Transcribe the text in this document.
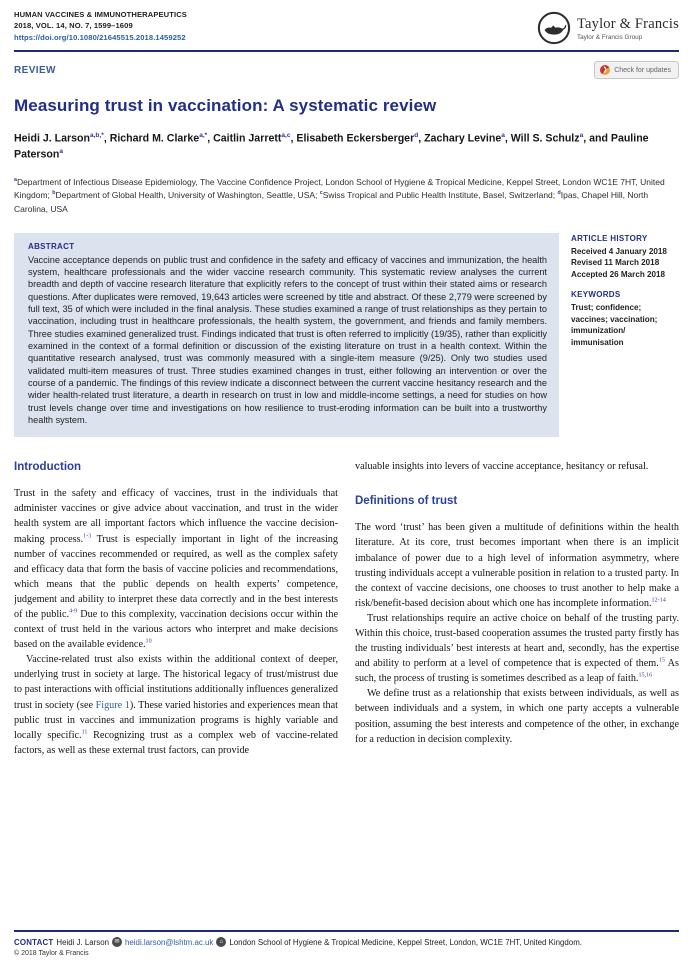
HUMAN VACCINES & IMMUNOTHERAPEUTICS
2018, VOL. 14, NO. 7, 1599–1609
https://doi.org/10.1080/21645515.2018.1459252
Taylor & Francis
Taylor & Francis Group
REVIEW	❯ Check for updates
Measuring trust in vaccination: A systematic review

Heidi J. Larson$^{a,b,*}$, Richard M. Clarke$^{a,*}$, Caitlin Jarrett$^{a,c}$, Elisabeth Eckersberger$^d$, Zachary Levine$^a$, Will S. Schulz$^a$, and Pauline Paterson$^a$

$^a$Department of Infectious Disease Epidemiology, The Vaccine Confidence Project, London School of Hygiene & Tropical Medicine, Keppel Street, London WC1E 7HT, United Kingdom; $^b$Department of Global Health, University of Washington, Seattle, USA; $^c$Swiss Tropical and Public Health Institute, Basel, Switzerland; $^d$Ipas, Chapel Hill, North Carolina, USA

ABSTRACT

Vaccine acceptance depends on public trust and confidence in the safety and efficacy of vaccines and immunization, the health system, healthcare professionals and the wider vaccine research community. This systematic review analyses the current breadth and depth of vaccine research literature that explicitly refers to the concept of trust within their stated aims or research questions. After duplicates were removed, 19,643 articles were screened by title and abstract. Of these 2,779 were screened by full text, 35 of which were included in the final analysis. These studies examined a range of trust relationships as they pertain to vaccination, including trust in healthcare professionals, the health system, the government, and friends and family members. Three studies examined generalized trust. Findings indicated that trust is often referred to implicitly (19/35), rather than explicitly examined in the context of a formal definition or discussion of the existing literature on trust in a health context. Within the quantitative research analysed, trust was commonly measured with a single-item measure (9/25). Only two studies used validated multi-item measures of trust. Three studies examined changes in trust, either following an intervention or over the course of a pandemic. The findings of this review indicate a disconnect between the current vaccine hesitancy research and the wider health-related trust literature, a dearth in research on trust in low and middle-income settings, a need for studies on how trust levels change over time and investigations on how resilience to trust-eroding information can be built into a trustworthy health system.

ARTICLE HISTORY
Received 4 January 2018
Revised 11 March 2018
Accepted 26 March 2018
KEYWORDS
Trust; confidence; vaccines; vaccination; immunization/ immunisation
Introduction

Trust in the safety and efficacy of vaccines, trust in the individuals that administer vaccines or give advice about vaccination, and trust in the wider health system are all important factors which influence the vaccine decision-making process.$^{1-3}$ Trust is especially important in light of the increasing number of vaccines recommended or required, as well as the complex safety and efficacy data that form the basis of vaccine policies and recommendations, which means that the public depends on health experts’ competence, judgement and ability to interpret these data correctly and in the best interests of the public.$^{4-9}$ Due to this complexity, vaccination decisions occur within the context of trust held in the various actors who interpret and make decisions based on the available evidence.$^{10}$

Vaccine-related trust also exists within the additional context of deeper, underlying trust in society at large. The historical legacy of trust/mistrust due to past interactions with official institutions additionally influences generalized trust in society (see Figure 1). These varied histories and experiences mean that public trust in vaccines and immunization programs is highly variable and locally specific.$^{11}$ Recognizing trust as a complex web of vaccine-related factors, as well as these external trust factors, can provide

valuable insights into levers of vaccine acceptance, hesitancy or refusal.

Definitions of trust

The word ‘trust’ has been given a multitude of definitions within the health literature. At its core, trust becomes important when there is an implicit imbalance of power due to a high level of information asymmetry, where trusting individuals accept a vulnerable position in relation to a trusted party. In the context of vaccine decisions, one chooses to trust another to help make a risk/benefit-based decision about which one has incomplete information.$^{12-14}$

Trust relationships require an active choice on behalf of the trusting party. Within this choice, trust-based cooperation assumes the trusted party firstly has the trusting individuals’ best interests at heart and, secondly, has the expertise and ability to perform at a level of competence that is expected of them.$^{15}$ As such, the process of trusting is sometimes described as a leap of faith.$^{15,16}$

We define trust as a relationship that exists between individuals, as well as between individuals and a system, in which one party accepts a vulnerable position, assuming the best interests and competence of the other, in exchange for a reduction in decision complexity.

CONTACT Heidi J. Larson ✉ heidi.larson@lshtm.ac.uk	⌂ London School of Hygiene & Tropical Medicine, Keppel Street, London, WC1E 7HT, United Kingdom.

© 2018 Taylor & Francis
